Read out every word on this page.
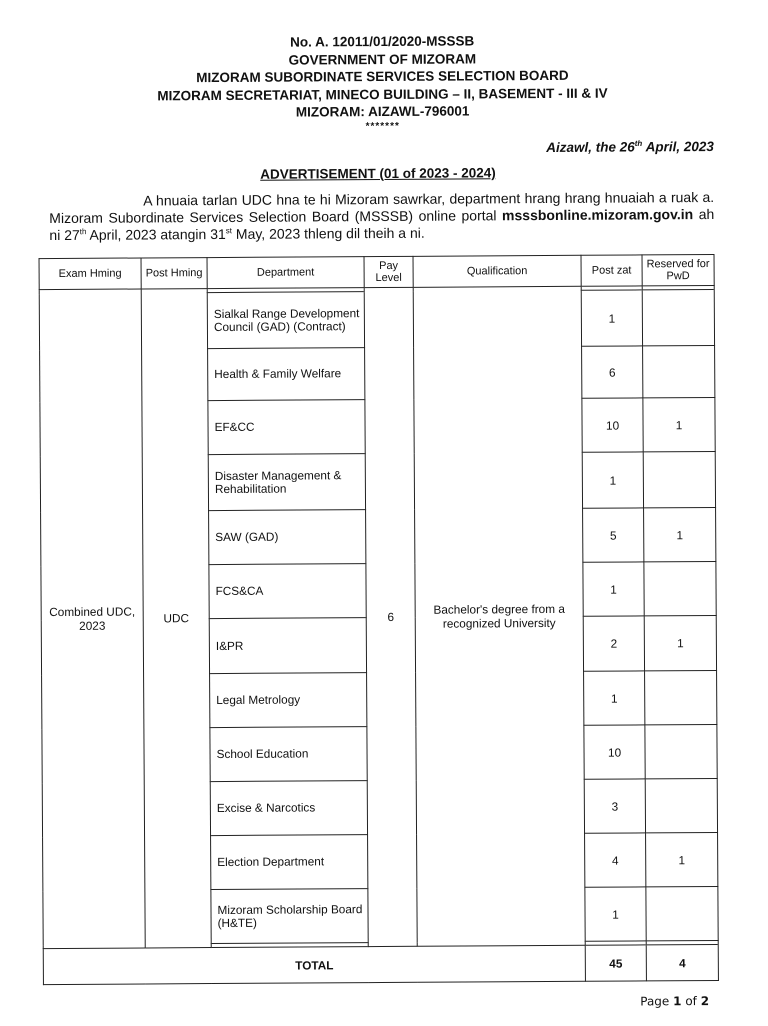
No. A. 12011/01/2020-MSSSB
GOVERNMENT OF MIZORAM
MIZORAM SUBORDINATE SERVICES SELECTION BOARD
MIZORAM SECRETARIAT, MINECO BUILDING – II, BASEMENT - III & IV
MIZORAM: AIZAWL-796001
*******
Aizawl, the 26th April, 2023
ADVERTISEMENT (01 of 2023 - 2024)

A hnuaia tarlan UDC hna te hi Mizoram sawrkar, department hrang hrang hnuaiah a ruak a. Mizoram Subordinate Services Selection Board (MSSSB) online portal msssbonline.mizoram.gov.in ah ni 27th April, 2023 atangin 31st May, 2023 thleng dil theih a ni.

Exam Hming	Post Hming	Department	Pay Level	Qualification	Post zat	Reserved for PwD
Combined UDC, 2023	UDC		6	Bachelor's degree from a recognized University		
		Sialkal Range Development Council (GAD) (Contract)			1	
		Health & Family Welfare			6	
		EF&CC			10	1
		Disaster Management & Rehabilitation			1	
		SAW (GAD)			5	1
		FCS&CA			1	
		I&PR			2	1
		Legal Metrology			1	
		School Education			10	
		Excise & Narcotics			3	
		Election Department			4	1
		Mizoram Scholarship Board (H&TE)			1	

TOTAL					45	4
Page 1 of 2
